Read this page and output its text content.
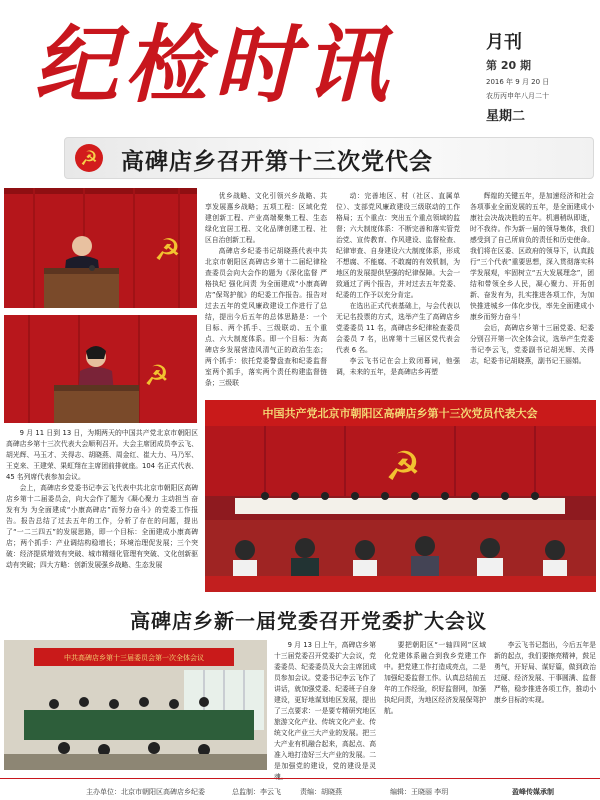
纪检时讯	月刊
第 20 期
2016 年 9 月 20 日
农历丙申年八月二十
星期二
☭ 高碑店乡召开第十三次党代会
☭
☭

优乡战略、文化引领兴乡战略、共享发展惠乡战略；五项工程：区域化党建创新工程、产业高端聚集工程、生态绿化宜居工程、文化品牌创建工程、社区自治创新工程。

高碑店乡纪委书记胡晓燕代表中共北京市朝阳区高碑店乡第十二届纪律检查委员会向大会作的题为《深化监督 严格执纪 强化问责 为全面建成“小康高碑店”保驾护航》的纪委工作报告。报告对过去五年的党风廉政建设工作进行了总结，提出今后五年的总体思路是：一个目标、两个抓手、三级联动、五个重点、六大制度体系。即一个目标：为高碑店乡发展营造风清气正的政治生态；两个抓手：依托党委警盘查和纪委监督室两个抓手，落实两个责任构建监督链条；三级联

动：完善地区、村（社区、直属单位）、支部党风廉政建设三级联动的工作格局；五个重点：突出五个重点领域的监督；六大制度体系：不断完善和落实管党治党、宣传教育、作风建设、监督检查、纪律审查、自身建设六大制度体系，形成不想腐、不能腐、不敢腐的有效机制，为地区的发展提供坚强的纪律保障。大会一致通过了两个报告，并对过去五年党委、纪委的工作予以充分肯定。

在选出正式代表基础上，与会代表以无记名投票的方式，选举产生了高碑店乡党委委员 11 名，高碑店乡纪律检查委员会委员 7 名，出席第十三届区党代表会代表 6 名。

李云飞书记在会上致闭幕词，他强调，未来的五年，是高碑店乡再塑

辉煌的关键五年，是加速经济和社会各项事业全面发展的五年，是全面建成小康社会决战决胜的五年。机遇稍纵即逝，时不我待。作为新一届的领导集体，我们感受到了自己所肩负的责任和历史使命。我们将在区委、区政府的领导下，认真践行“三个代表”重要思想，深入贯彻落实科学发展观，牢固树立“五大发展理念”，团结和带领全乡人民，凝心聚力、开拓创新、奋发有为，扎实推进各项工作，为加快推进城乡一体化步伐，率先全面建成小康乡而努力奋斗！

会后，高碑店乡第十三届党委、纪委分别召开第一次全体会议，选举产生党委书记李云飞，党委副书记胡光辉、关得志，纪委书记胡晓燕，副书记王丽娟。

中国共产党北京市朝阳区高碑店乡第十三次党员代表大会
☭

9 月 11 日到 13 日，为期两天的中国共产党北京市朝阳区高碑店乡第十三次代表大会顺利召开。大会主席团成员李云飞、胡光辉、马玉才、关得志、胡晓燕、周金红、崔大力、马乃军、王克来、王建荣、果虹翔在主席团前排就座。104 名正式代表、45 名列席代表参加会议。

会上，高碑店乡党委书记李云飞代表中共北京市朝阳区高碑店乡第十二届委员会，向大会作了题为《凝心聚力 主动担当 奋发有为 为全面建成“小康高碑店”而努力奋斗》的党委工作报告。报告总结了过去五年的工作，分析了存在的问题，提出了“一二三四五”的发展思路，即一个目标：全面建成小康高碑店；两个抓手：产业调结构稳增长；环境治理促发展；三个突破：经济提质增效有突破、城市精细化管理有突破、文化创新驱动有突破；四大方略：创新发展强乡战略、生态发展

高碑店乡新一届党委召开党委扩大会议
中共高碑店乡第十三届委员会第一次全体会议

9 月 13 日上午，高碑店乡第十三届党委召开党委扩大会议，党委委员、纪委委员及大会主席团成员参加会议。党委书记李云飞作了讲话，就加强党委、纪委班子自身建设，更好地谋划地区发展，提出了三点要求：一是要专精研究地区旅游文化产业、传统文化产业、传统文化产业三大产业的发展。把三大产业有机融合起来，高起点、高准入地打造好三大产业的发展。二是加强党的建设，党的建设是灵魂。

要把朝阳区“一轴四网”区域化党建体系融合到我乡党建工作中。把党建工作打造成亮点，二是加强纪委监督工作。认真总结前五年的工作经验，织好监督网，加强执纪问责，为地区经济发展保驾护航。

李云飞书记指出，今后五年是新的起点，我们要擦亮精神，鼓足勇气，开好局、谋好篇，做到政治过硬、经济发展、干事圆满、监督严格，稳步推进各项工作，推动小康乡目标的实现。

主办单位：北京市朝阳区高碑店乡纪委	总监制：李云飞	责编：胡晓燕	编辑：王晓丽 李玥	盈峰传媒承制
